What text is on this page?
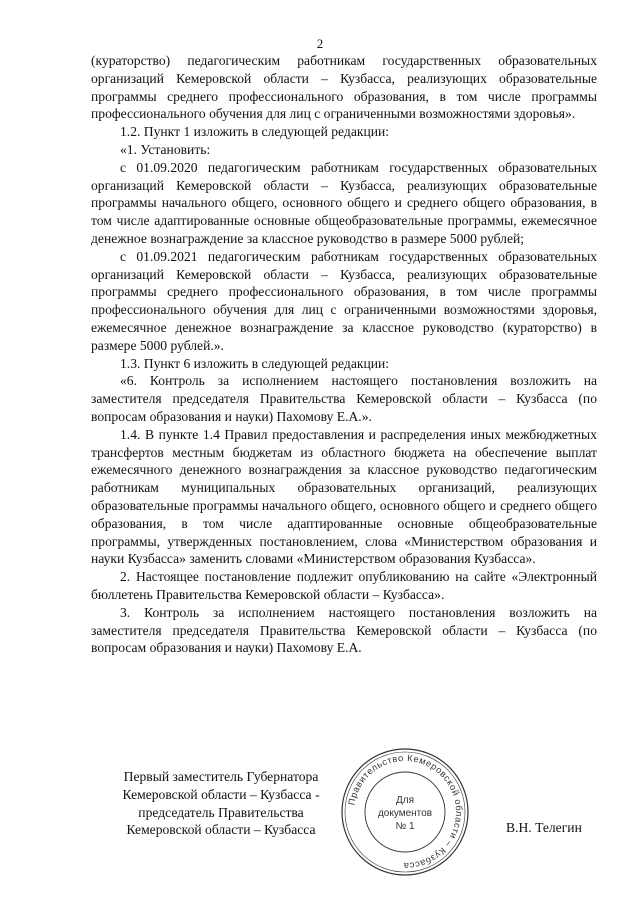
2

(кураторство) педагогическим работникам государственных образовательных организаций Кемеровской области – Кузбасса, реализующих образовательные программы среднего профессионального образования, в том числе программы профессионального обучения для лиц с ограниченными возможностями здоровья».

1.2. Пункт 1 изложить в следующей редакции:

«1. Установить:

с 01.09.2020 педагогическим работникам государственных образовательных организаций Кемеровской области – Кузбасса, реализующих образовательные программы начального общего, основного общего и среднего общего образования, в том числе адаптированные основные общеобразовательные программы, ежемесячное денежное вознаграждение за классное руководство в размере 5000 рублей;

с 01.09.2021 педагогическим работникам государственных образовательных организаций Кемеровской области – Кузбасса, реализующих образовательные программы среднего профессионального образования, в том числе программы профессионального обучения для лиц с ограниченными возможностями здоровья, ежемесячное денежное вознаграждение за классное руководство (кураторство) в размере 5000 рублей.».

1.3. Пункт 6 изложить в следующей редакции:

«6. Контроль за исполнением настоящего постановления возложить на заместителя председателя Правительства Кемеровской области – Кузбасса (по вопросам образования и науки) Пахомову Е.А.».

1.4. В пункте 1.4 Правил предоставления и распределения иных межбюджетных трансфертов местным бюджетам из областного бюджета на обеспечение выплат ежемесячного денежного вознаграждения за классное руководство педагогическим работникам муниципальных образовательных организаций, реализующих образовательные программы начального общего, основного общего и среднего общего образования, в том числе адаптированные основные общеобразовательные программы, утвержденных постановлением, слова «Министерством образования и науки Кузбасса» заменить словами «Министерством образования Кузбасса».

2. Настоящее постановление подлежит опубликованию на сайте «Электронный бюллетень Правительства Кемеровской области – Кузбасса».

3. Контроль за исполнением настоящего постановления возложить на заместителя председателя Правительства Кемеровской области – Кузбасса (по вопросам образования и науки) Пахомову Е.А.

Первый заместитель Губернатора
Кемеровской области – Кузбасса -
председатель Правительства
Кемеровской области – Кузбасса
Правительство Кемеровской области – Кузбасса
Для
документов
№ 1	В.Н. Телегин
